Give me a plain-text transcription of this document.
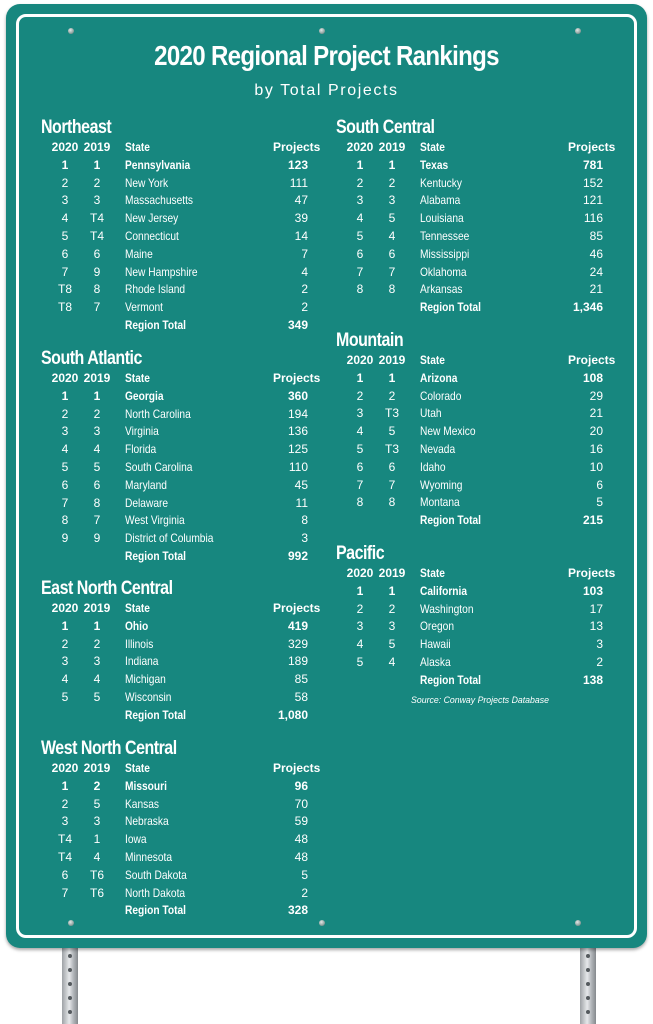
2020 Regional Project Rankings
by Total Projects
Source: Conway Projects Database
Northeast
2020 2019	State	Projects
1	1	Pennsylvania	123
2	2	New York	111
3	3	Massachusetts	47
4	T4	New Jersey	39
5	T4	Connecticut	14
6	6	Maine	7
7	9	New Hampshire	4
T8	8	Rhode Island	2
T8	7	Vermont	2
Region Total	349
South Atlantic
2020 2019	State	Projects
1	1	Georgia	360
2	2	North Carolina	194
3	3	Virginia	136
4	4	Florida	125
5	5	South Carolina	110
6	6	Maryland	45
7	8	Delaware	11
8	7	West Virginia	8
9	9	District of Columbia	3
Region Total	992
East North Central
2020 2019	State	Projects
1	1	Ohio	419
2	2	Illinois	329
3	3	Indiana	189
4	4	Michigan	85
5	5	Wisconsin	58
Region Total	1,080
West North Central
2020 2019	State	Projects
1	2	Missouri	96
2	5	Kansas	70
3	3	Nebraska	59
T4	1	Iowa	48
T4	4	Minnesota	48
6	T6	South Dakota	5
7	T6	North Dakota	2
Region Total	328
South Central
2020 2019	State	Projects
1	1	Texas	781
2	2	Kentucky	152
3	3	Alabama	121
4	5	Louisiana	116
5	4	Tennessee	85
6	6	Mississippi	46
7	7	Oklahoma	24
8	8	Arkansas	21
Region Total	1,346
Mountain
2020 2019	State	Projects
1	1	Arizona	108
2	2	Colorado	29
3	T3	Utah	21
4	5	New Mexico	20
5	T3	Nevada	16
6	6	Idaho	10
7	7	Wyoming	6
8	8	Montana	5
Region Total	215
Pacific
2020 2019	State	Projects
1	1	California	103
2	2	Washington	17
3	3	Oregon	13
4	5	Hawaii	3
5	4	Alaska	2
Region Total	138
